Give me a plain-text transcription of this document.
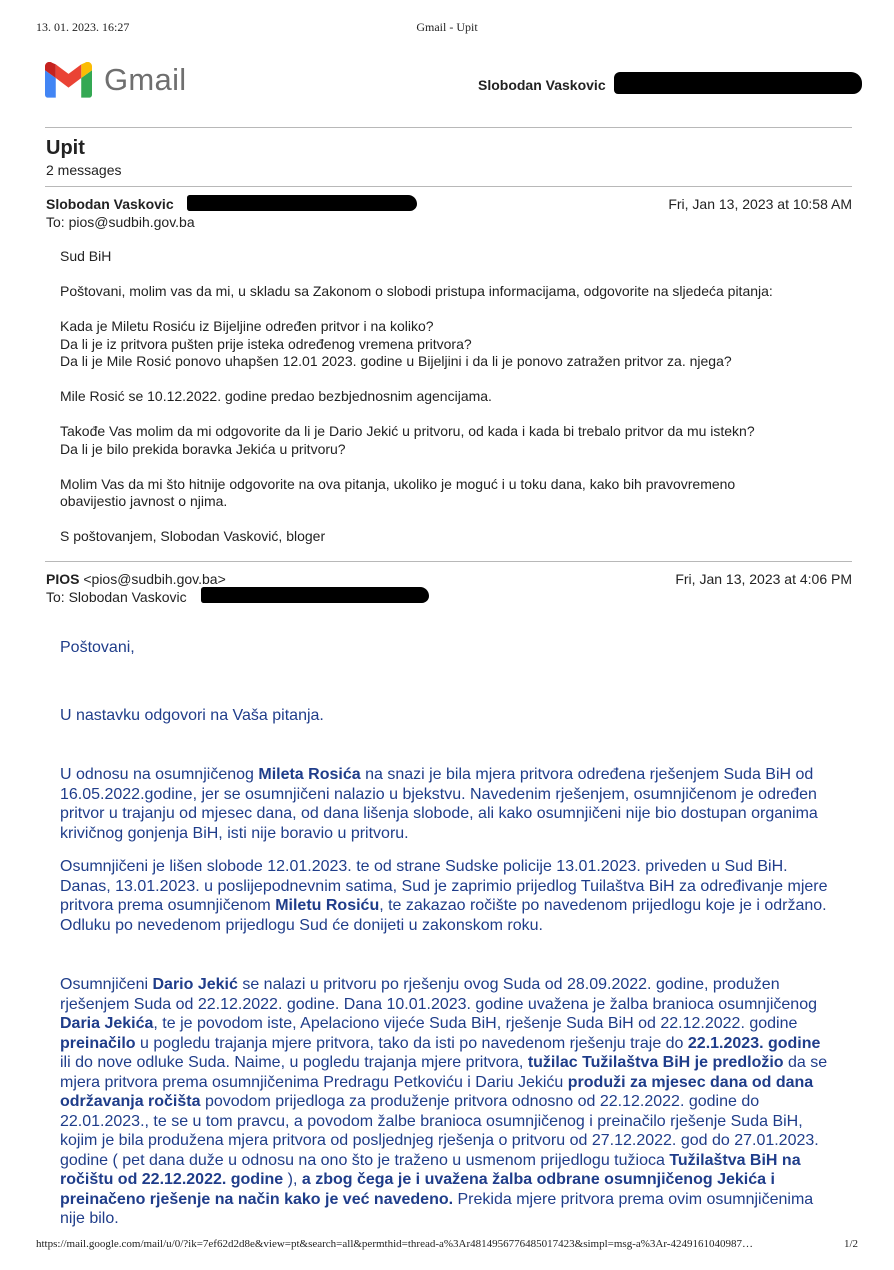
13. 01. 2023. 16:27	Gmail - Upit
Gmail	Slobodan Vaskovic
Upit
2 messages
Slobodan Vaskovic	Fri, Jan 13, 2023 at 10:58 AM
To: pios@sudbih.gov.ba

Sud BiH

Poštovani, molim vas da mi, u skladu sa Zakonom o slobodi pristupa informacijama, odgovorite na sljedeća pitanja:

Kada je Miletu Rosiću iz Bijeljine određen pritvor i na koliko?
Da li je iz pritvora pušten prije isteka određenog vremena pritvora?
Da li je Mile Rosić ponovo uhapšen 12.01 2023. godine u Bijeljini i da li je ponovo zatražen pritvor za. njega?

Mile Rosić se 10.12.2022. godine predao bezbjednosnim agencijama.

Takođe Vas molim da mi odgovorite da li je Dario Jekić u pritvoru, od kada i kada bi trebalo pritvor da mu istekn?
Da li je bilo prekida boravka Jekića u pritvoru?

Molim Vas da mi što hitnije odgovorite na ova pitanja, ukoliko je moguć i u toku dana, kako bih pravovremeno
obavijestio javnost o njima.

S poštovanjem, Slobodan Vasković, bloger

PIOS <pios@sudbih.gov.ba>	Fri, Jan 13, 2023 at 4:06 PM
To: Slobodan Vaskovic

Poštovani,

U nastavku odgovori na Vaša pitanja.

U odnosu na osumnjičenog Mileta Rosića na snazi je bila mjera pritvora određena rješenjem Suda BiH od 16.05.2022.godine, jer se osumnjičeni nalazio u bjekstvu. Navedenim rješenjem, osumnjičenom je određen pritvor u trajanju od mjesec dana, od dana lišenja slobode, ali kako osumnjičeni nije bio dostupan organima krivičnog gonjenja BiH, isti nije boravio u pritvoru.

Osumnjičeni je lišen slobode 12.01.2023. te od strane Sudske policije 13.01.2023. priveden u Sud BiH. Danas, 13.01.2023. u poslijepodnevnim satima, Sud je zaprimio prijedlog Tuilaštva BiH za određivanje mjere pritvora prema osumnjičenom Miletu Rosiću, te zakazao ročište po navedenom prijedlogu koje je i održano. Odluku po nevedenom prijedlogu Sud će donijeti u zakonskom roku.

Osumnjičeni Dario Jekić se nalazi u pritvoru po rješenju ovog Suda od 28.09.2022. godine, produžen rješenjem Suda od 22.12.2022. godine. Dana 10.01.2023. godine uvažena je žalba branioca osumnjičenog Daria Jekića, te je povodom iste, Apelaciono vijeće Suda BiH, rješenje Suda BiH od 22.12.2022. godine preinačilo u pogledu trajanja mjere pritvora, tako da isti po navedenom rješenju traje do 22.1.2023. godine ili do nove odluke Suda. Naime, u pogledu trajanja mjere pritvora, tužilac Tužilaštva BiH je predložio da se mjera pritvora prema osumnjičenima Predragu Petkoviću i Dariu Jekiću produži za mjesec dana od dana održavanja ročišta povodom prijedloga za produženje pritvora odnosno od 22.12.2022. godine do 22.01.2023., te se u tom pravcu, a povodom žalbe branioca osumnjičenog i preinačilo rješenje Suda BiH, kojim je bila produžena mjera pritvora od posljednjeg rješenja o pritvoru od 27.12.2022. god do 27.01.2023. godine ( pet dana duže u odnosu na ono što je traženo u usmenom prijedlogu tužioca Tužilaštva BiH na ročištu od 22.12.2022. godine ), a zbog čega je i uvažena žalba odbrane osumnjičenog Jekića i preinačeno rješenje na način kako je već navedeno. Prekida mjere pritvora prema ovim osumnjičenima nije bilo.

https://mail.google.com/mail/u/0/?ik=7ef62d2d8e&view=pt&search=all&permthid=thread-a%3Ar4814956776485017423&simpl=msg-a%3Ar-4249161040987…	1/2
